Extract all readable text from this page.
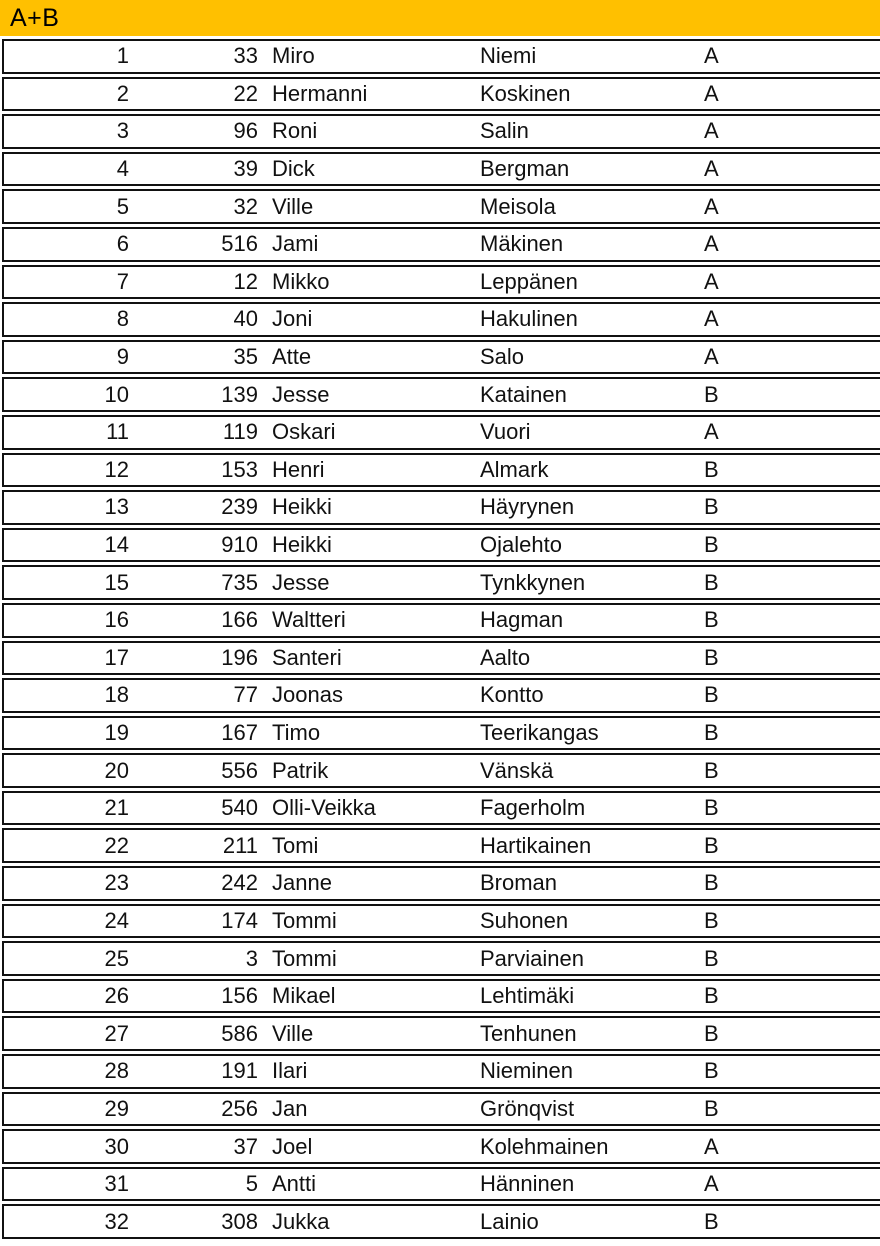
A+B
1	33 Miro	Niemi	A
2	22 Hermanni	Koskinen	A
3	96 Roni	Salin	A
4	39 Dick	Bergman	A
5	32 Ville	Meisola	A
6	516 Jami	Mäkinen	A
7	12 Mikko	Leppänen	A
8	40 Joni	Hakulinen	A
9	35 Atte	Salo	A
10	139 Jesse	Katainen	B
11	119 Oskari	Vuori	A
12	153 Henri	Almark	B
13	239 Heikki	Häyrynen	B
14	910 Heikki	Ojalehto	B
15	735 Jesse	Tynkkynen	B
16	166 Waltteri	Hagman	B
17	196 Santeri	Aalto	B
18	77 Joonas	Kontto	B
19	167 Timo	Teerikangas	B
20	556 Patrik	Vänskä	B
21	540 Olli-Veikka	Fagerholm	B
22	211 Tomi	Hartikainen	B
23	242 Janne	Broman	B
24	174 Tommi	Suhonen	B
25	3 Tommi	Parviainen	B
26	156 Mikael	Lehtimäki	B
27	586 Ville	Tenhunen	B
28	191 Ilari	Nieminen	B
29	256 Jan	Grönqvist	B
30	37 Joel	Kolehmainen	A
31	5 Antti	Hänninen	A
32	308 Jukka	Lainio	B
